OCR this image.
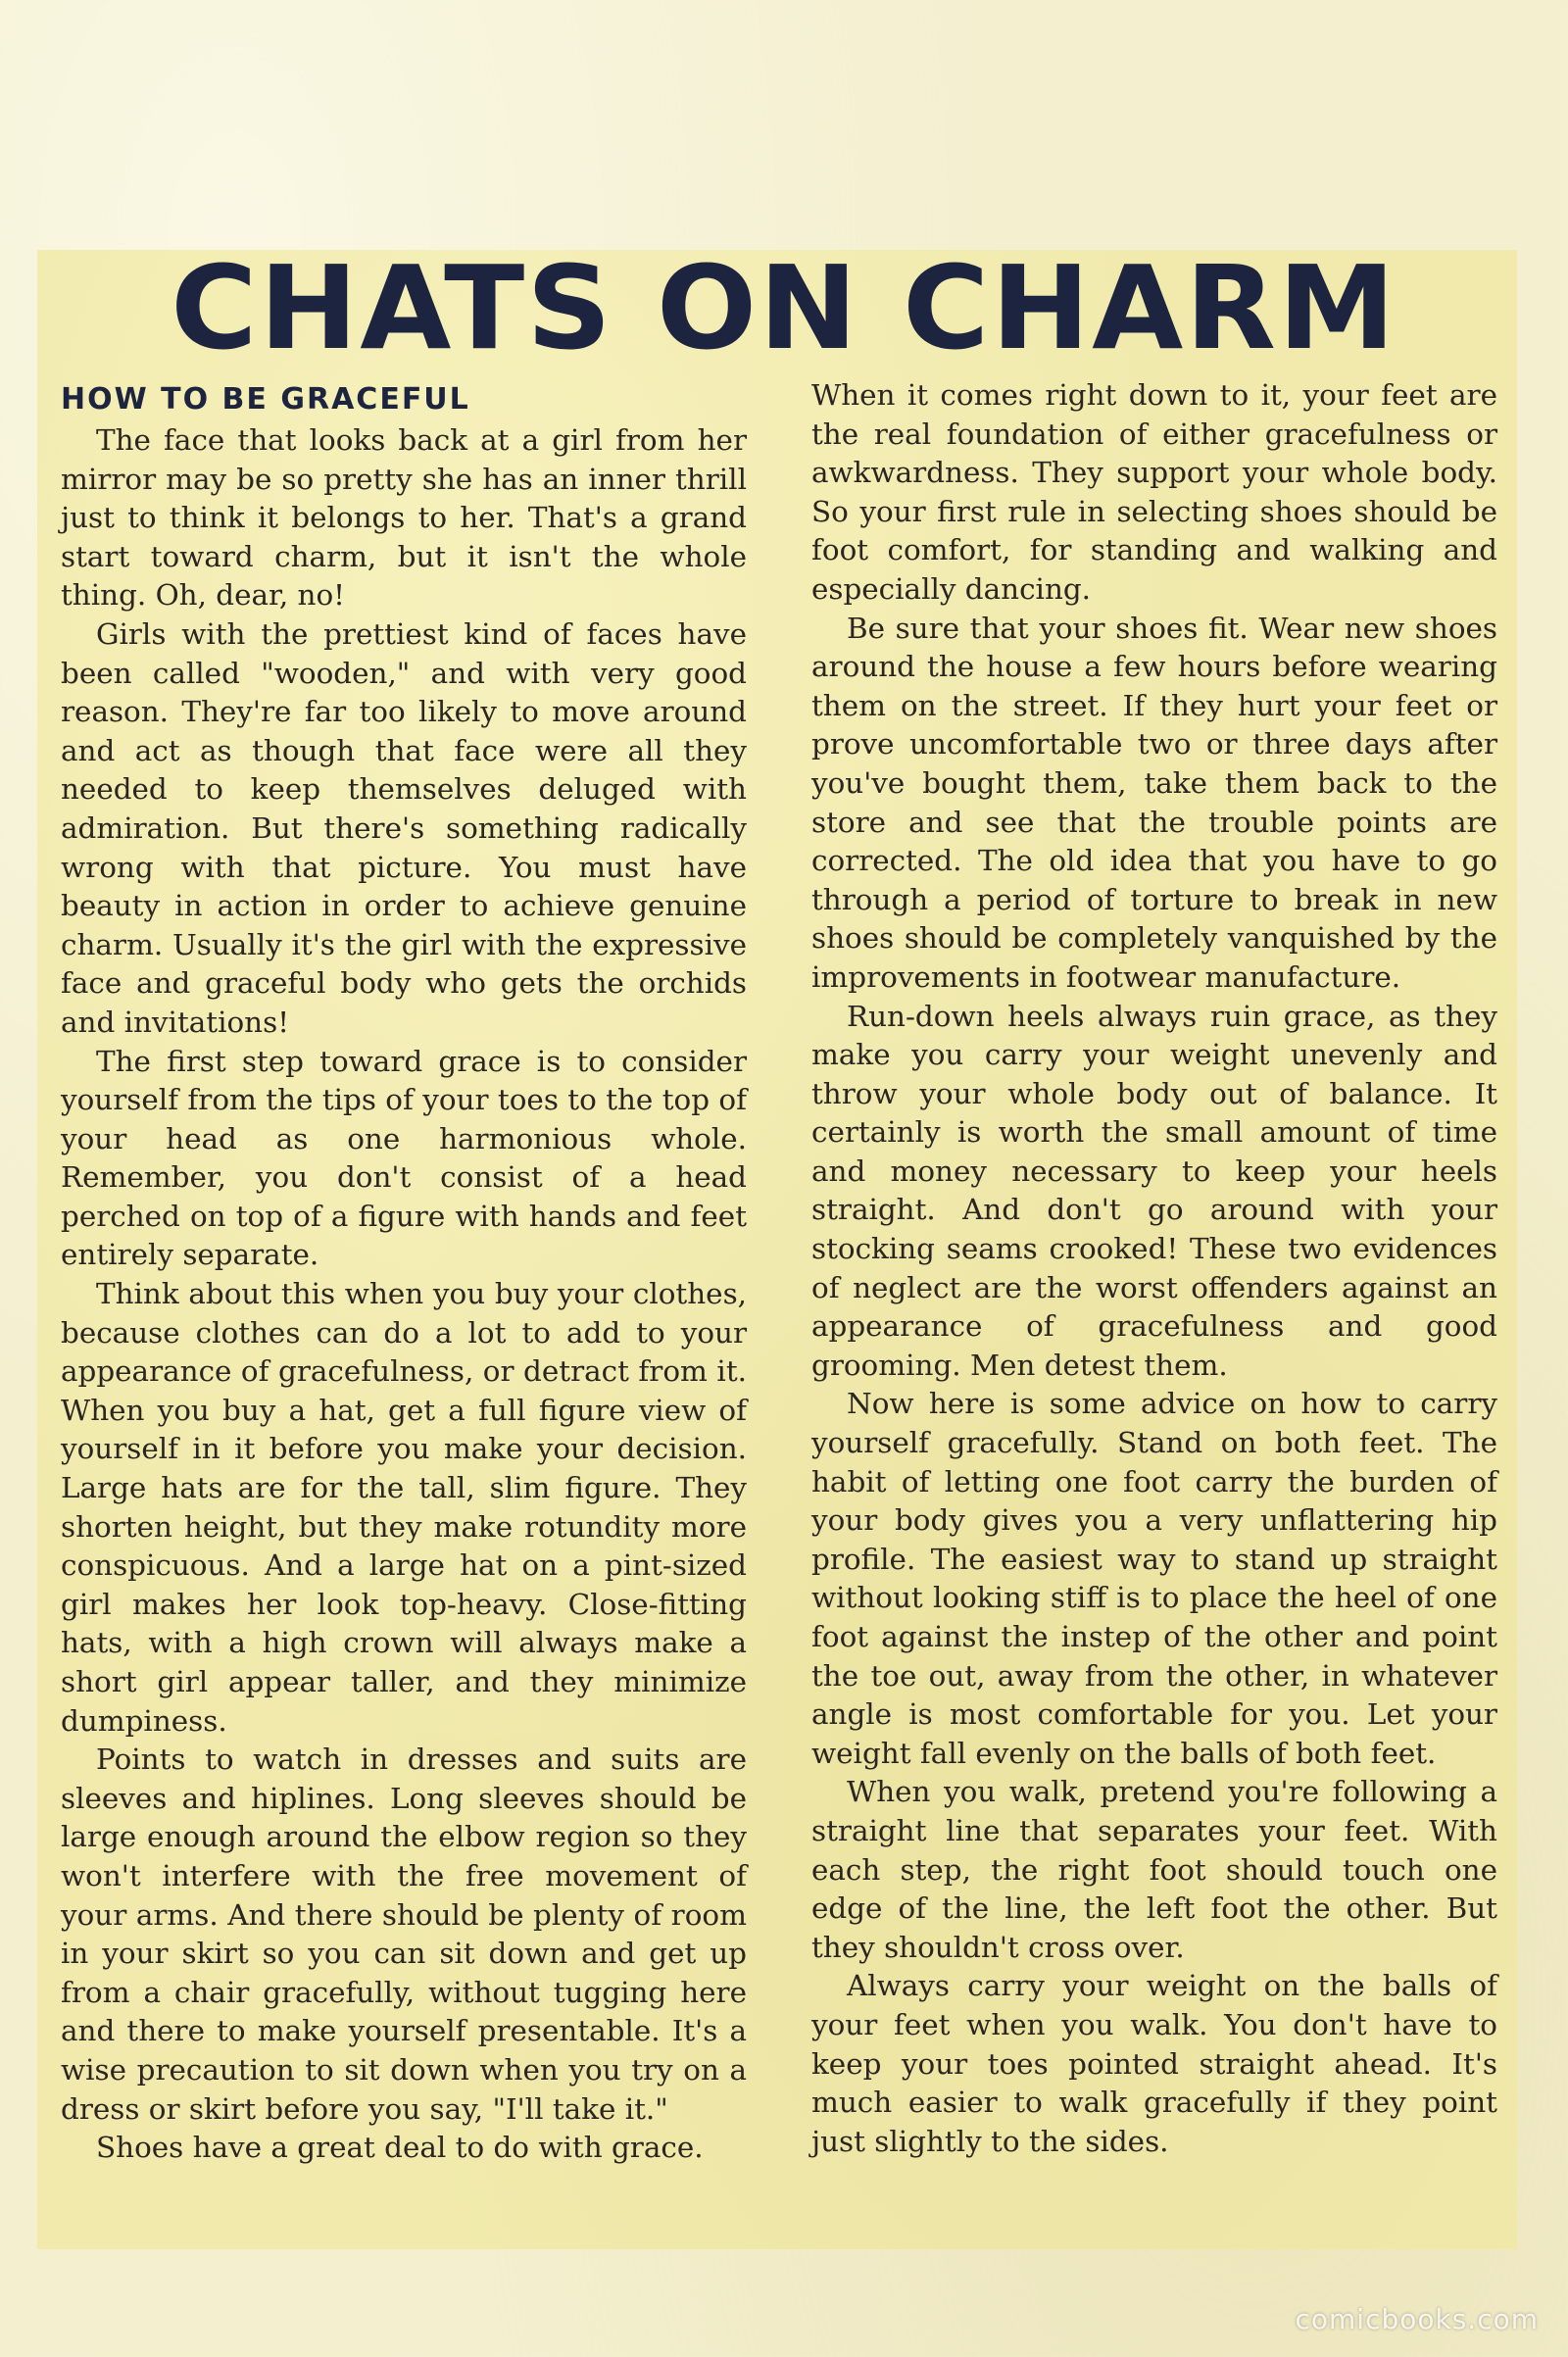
CHATS ON CHARM
HOW TO BE GRACEFUL

The face that looks back at a girl from her mirror may be so pretty she has an inner thrill just to think it belongs to her. That's a grand start toward charm, but it isn't the whole thing. Oh, dear, no!

Girls with the prettiest kind of faces have been called "wooden," and with very good reason. They're far too likely to move around and act as though that face were all they needed to keep themselves deluged with admiration. But there's something radically wrong with that picture. You must have beauty in action in order to achieve genuine charm. Usually it's the girl with the expressive face and graceful body who gets the orchids and invitations!

The first step toward grace is to consider yourself from the tips of your toes to the top of your head as one harmonious whole. Remember, you don't consist of a head perched on top of a figure with hands and feet entirely separate.

Think about this when you buy your clothes, because clothes can do a lot to add to your appearance of gracefulness, or detract from it. When you buy a hat, get a full figure view of yourself in it before you make your decision. Large hats are for the tall, slim figure. They shorten height, but they make rotundity more conspicuous. And a large hat on a pint-sized girl makes her look top-heavy. Close-fitting hats, with a high crown will always make a short girl appear taller, and they minimize dumpiness.

Points to watch in dresses and suits are sleeves and hiplines. Long sleeves should be large enough around the elbow region so they won't interfere with the free movement of your arms. And there should be plenty of room in your skirt so you can sit down and get up from a chair gracefully, without tugging here and there to make yourself presentable. It's a wise precaution to sit down when you try on a dress or skirt before you say, "I'll take it."

Shoes have a great deal to do with grace.

When it comes right down to it, your feet are the real foundation of either gracefulness or awkwardness. They support your whole body. So your first rule in selecting shoes should be foot comfort, for standing and walking and especially dancing.

Be sure that your shoes fit. Wear new shoes around the house a few hours before wearing them on the street. If they hurt your feet or prove uncomfortable two or three days after you've bought them, take them back to the store and see that the trouble points are corrected. The old idea that you have to go through a period of torture to break in new shoes should be completely vanquished by the improvements in footwear manufacture.

Run-down heels always ruin grace, as they make you carry your weight unevenly and throw your whole body out of balance. It certainly is worth the small amount of time and money necessary to keep your heels straight. And don't go around with your stocking seams crooked! These two evidences of neglect are the worst offenders against an appearance of gracefulness and good grooming. Men detest them.

Now here is some advice on how to carry yourself gracefully. Stand on both feet. The habit of letting one foot carry the burden of your body gives you a very unflattering hip profile. The easiest way to stand up straight without looking stiff is to place the heel of one foot against the instep of the other and point the toe out, away from the other, in whatever angle is most comfortable for you. Let your weight fall evenly on the balls of both feet.

When you walk, pretend you're following a straight line that separates your feet. With each step, the right foot should touch one edge of the line, the left foot the other. But they shouldn't cross over.

Always carry your weight on the balls of your feet when you walk. You don't have to keep your toes pointed straight ahead. It's much easier to walk gracefully if they point just slightly to the sides.

comicbooks.com
